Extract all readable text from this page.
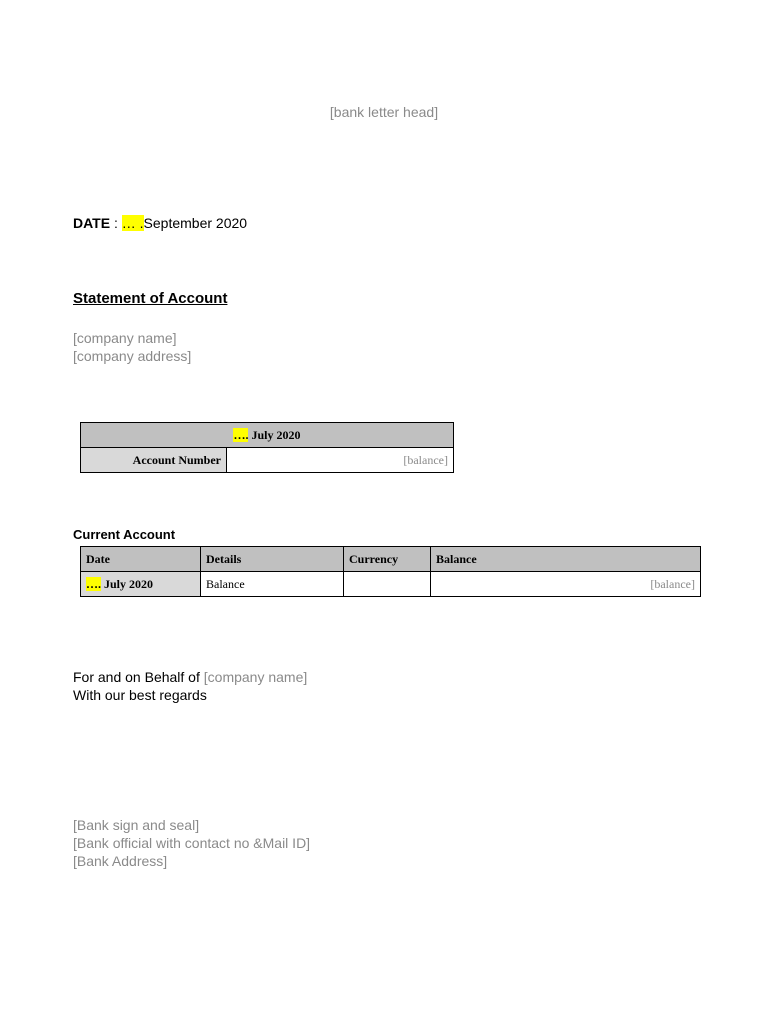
[bank letter head]
DATE : … .September 2020
Statement of Account
[company name]
[company address]
…. July 2020
Account Number	[balance]
Current Account
Date	Details	Currency	Balance
…. July 2020	Balance		[balance]
For and on Behalf of [company name]
With our best regards
[Bank sign and seal]
[Bank official with contact no &Mail ID]
[Bank Address]
